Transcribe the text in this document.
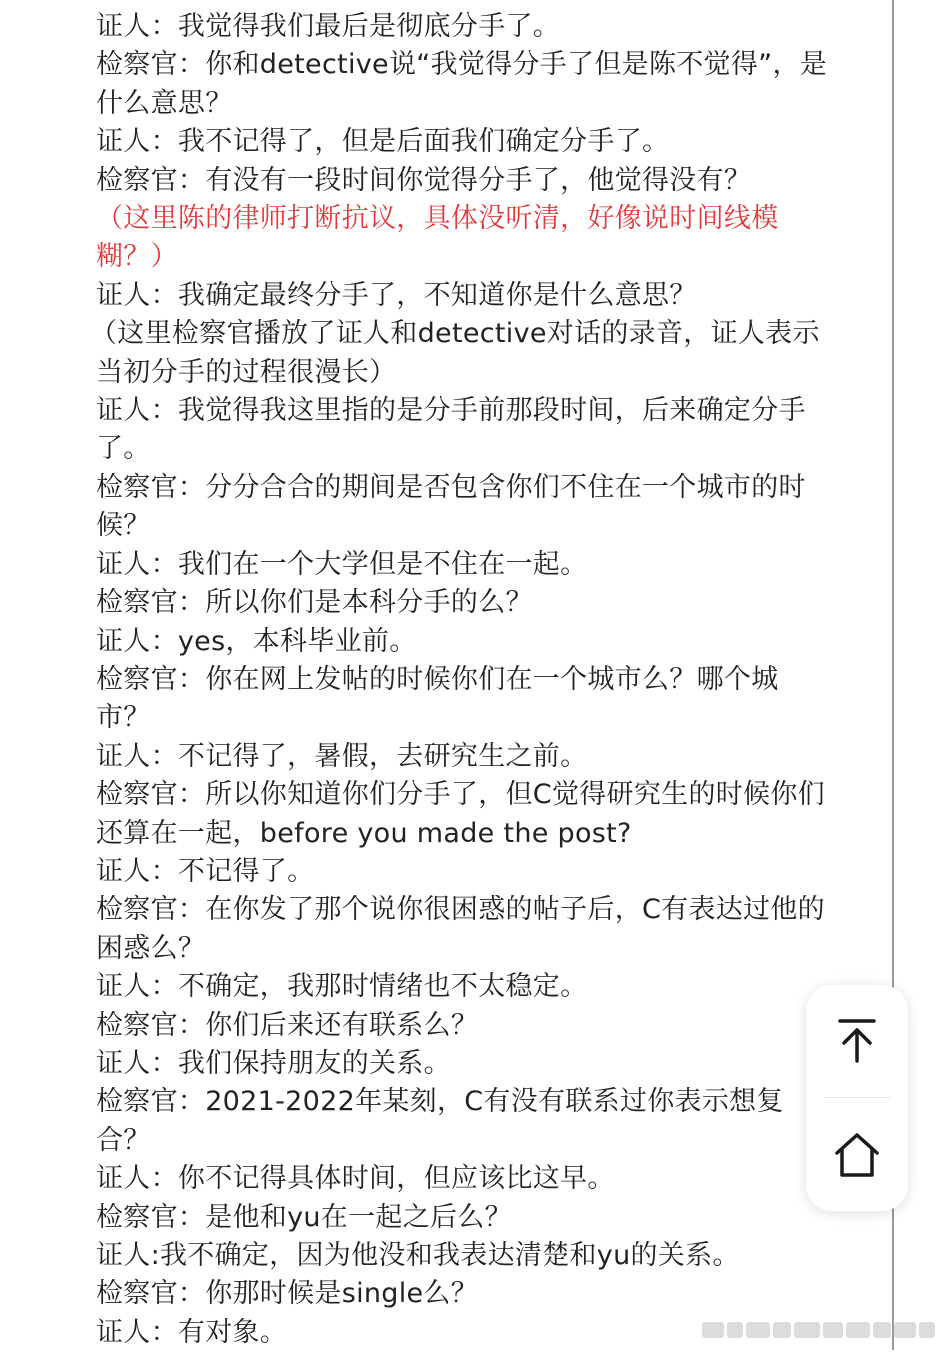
证人：我觉得我们最后是彻底分手了。

检察官：你和detective说“我觉得分手了但是陈不觉得”，是什么意思？

证人：我不记得了，但是后面我们确定分手了。

检察官：有没有一段时间你觉得分手了，他觉得没有？

（这里陈的律师打断抗议，具体没听清，好像说时间线模糊？）

证人：我确定最终分手了，不知道你是什么意思？

（这里检察官播放了证人和detective对话的录音，证人表示当初分手的过程很漫长）

证人：我觉得我这里指的是分手前那段时间，后来确定分手了。

检察官：分分合合的期间是否包含你们不住在一个城市的时候？

证人：我们在一个大学但是不住在一起。

检察官：所以你们是本科分手的么？

证人：yes，本科毕业前。

检察官：你在网上发帖的时候你们在一个城市么？哪个城市？

证人：不记得了，暑假，去研究生之前。

检察官：所以你知道你们分手了，但C觉得研究生的时候你们还算在一起，before you made the post?

证人：不记得了。

检察官：在你发了那个说你很困惑的帖子后，C有表达过他的困惑么？

证人：不确定，我那时情绪也不太稳定。

检察官：你们后来还有联系么？

证人：我们保持朋友的关系。

检察官：2021-2022年某刻，C有没有联系过你表示想复合？

证人：你不记得具体时间，但应该比这早。

检察官：是他和yu在一起之后么？

证人:我不确定，因为他没和我表达清楚和yu的关系。

检察官：你那时候是single么？

证人：有对象。
